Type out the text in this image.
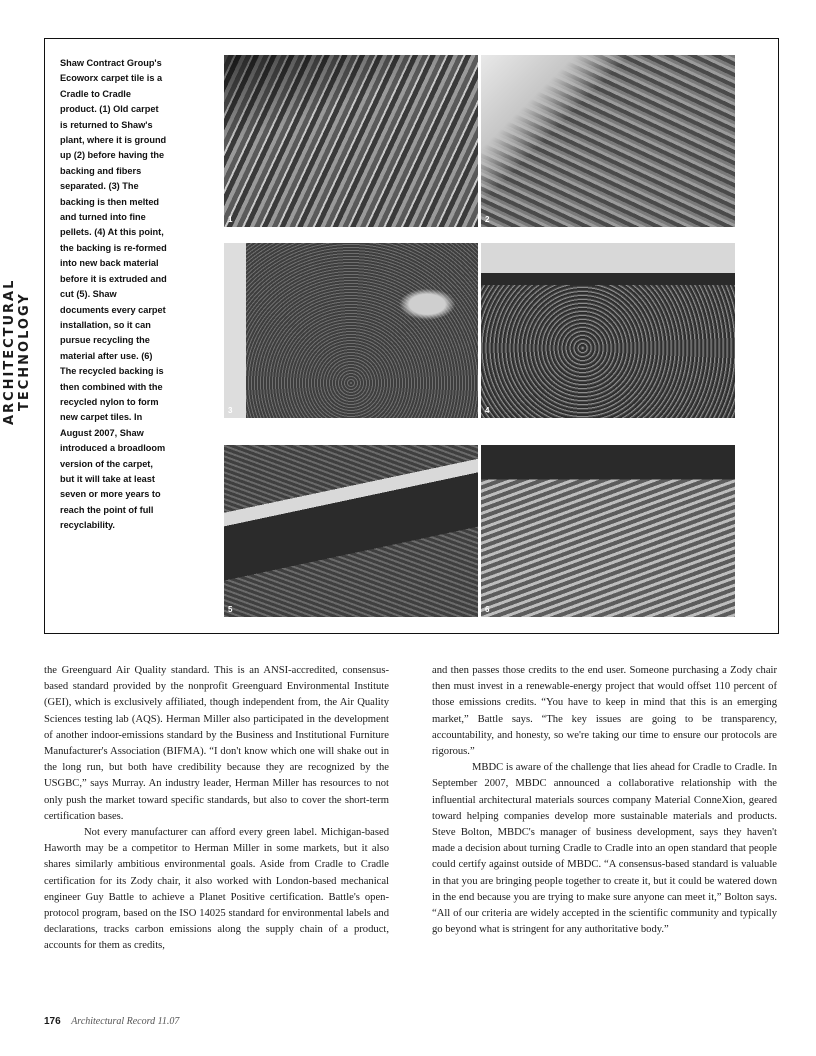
ARCHITECTURAL TECHNOLOGY
Shaw Contract Group's Ecoworx carpet tile is a Cradle to Cradle product. (1) Old carpet is returned to Shaw's plant, where it is ground up (2) before having the backing and fibers separated. (3) The backing is then melted and turned into fine pellets. (4) At this point, the backing is re-formed into new back material before it is extruded and cut (5). Shaw documents every carpet installation, so it can pursue recycling the material after use. (6) The recycled backing is then combined with the recycled nylon to form new carpet tiles. In August 2007, Shaw introduced a broadloom version of the carpet, but it will take at least seven or more years to reach the point of full recyclability.
1	2
3	4
5	6

the Greenguard Air Quality standard. This is an ANSI-accredited, consensus-based standard provided by the nonprofit Greenguard Environmental Institute (GEI), which is exclusively affiliated, though independent from, the Air Quality Sciences testing lab (AQS). Herman Miller also participated in the development of another indoor-emissions standard by the Business and Institutional Furniture Manufacturer's Association (BIFMA). “I don't know which one will shake out in the long run, but both have credibility because they are recognized by the USGBC,” says Murray. An industry leader, Herman Miller has resources to not only push the market toward specific standards, but also to cover the short-term certification bases.

Not every manufacturer can afford every green label. Michigan-based Haworth may be a competitor to Herman Miller in some markets, but it also shares similarly ambitious environmental goals. Aside from Cradle to Cradle certification for its Zody chair, it also worked with London-based mechanical engineer Guy Battle to achieve a Planet Positive certification. Battle's open-protocol program, based on the ISO 14025 standard for environmental labels and declarations, tracks carbon emissions along the supply chain of a product, accounts for them as credits,

and then passes those credits to the end user. Someone purchasing a Zody chair then must invest in a renewable-energy project that would offset 110 percent of those emissions credits. “You have to keep in mind that this is an emerging market,” Battle says. “The key issues are going to be transparency, accountability, and honesty, so we're taking our time to ensure our protocols are rigorous.”

MBDC is aware of the challenge that lies ahead for Cradle to Cradle. In September 2007, MBDC announced a collaborative relationship with the influential architectural materials sources company Material ConneXion, geared toward helping companies develop more sustainable materials and products. Steve Bolton, MBDC's manager of business development, says they haven't made a decision about turning Cradle to Cradle into an open standard that people could certify against outside of MBDC. “A consensus-based standard is valuable in that you are bringing people together to create it, but it could be watered down in the end because you are trying to make sure anyone can meet it,” Bolton says. “All of our criteria are widely accepted in the scientific community and typically go beyond what is stringent for any authoritative body.”

176 Architectural Record 11.07
